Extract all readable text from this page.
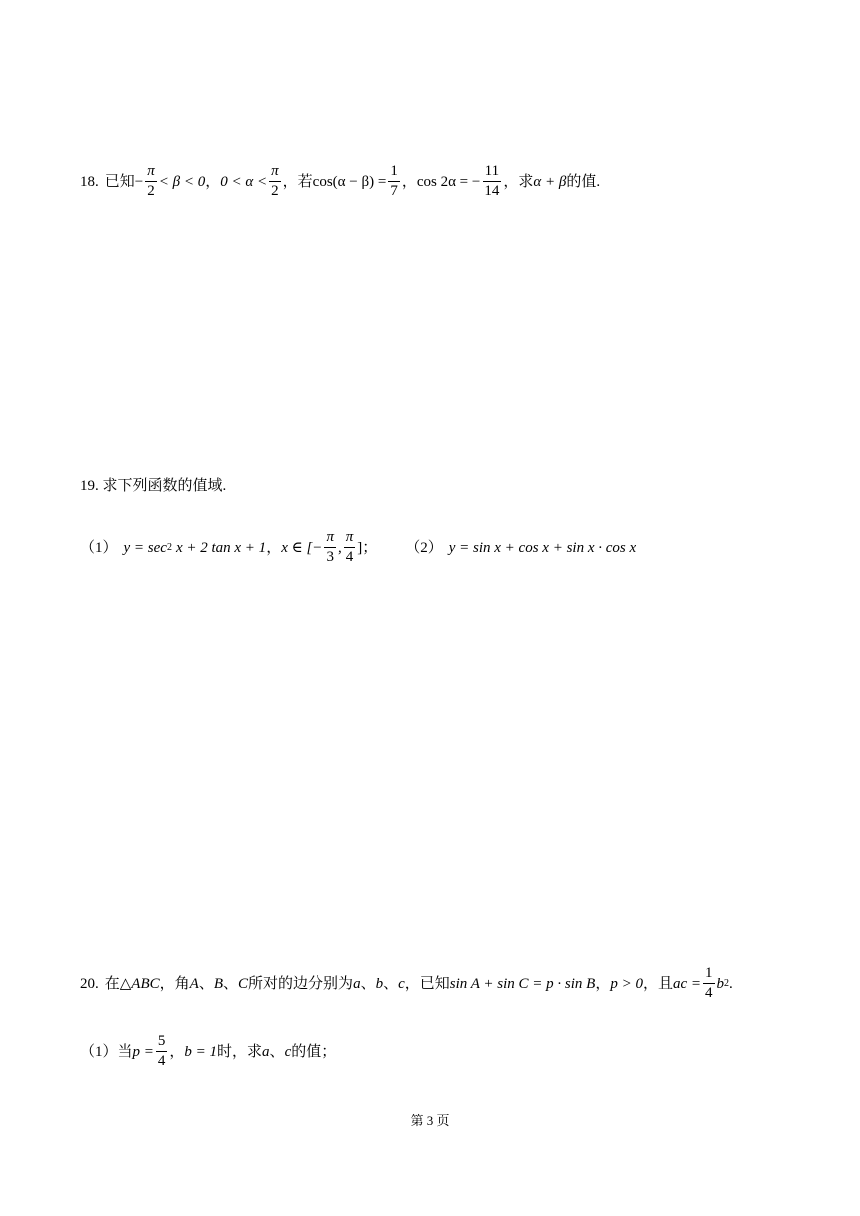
18. 已知 − $\frac{\pi}{2} < \beta < 0$ ， $0 < \alpha < \frac{\pi}{2}$ ， 若 $\cos(\alpha - \beta) = \frac{1}{7}$ ， cos 2α = − $\frac{11}{14}$ ， 求 α + β 的值.
19. 求下列函数的值域.
（1） y = sec 2 x + 2 tan x + 1 ， x ∈ [− $\frac{\pi}{3}$ , $\frac{\pi}{4}$ ]； （2） y = sin x + cos x + sin x · cos x
20. 在△ ABC ，角 A 、 B 、 C 所对的边分别为 a 、 b 、 c ，已知 sin A + sin C = p · sin B ， p > 0 ，且 ac = $\frac{1}{4}$ b 2 .
（1）当 $p = \frac{5}{4}$ ， b = 1 时，求 a 、 c 的值；
第 3 页
